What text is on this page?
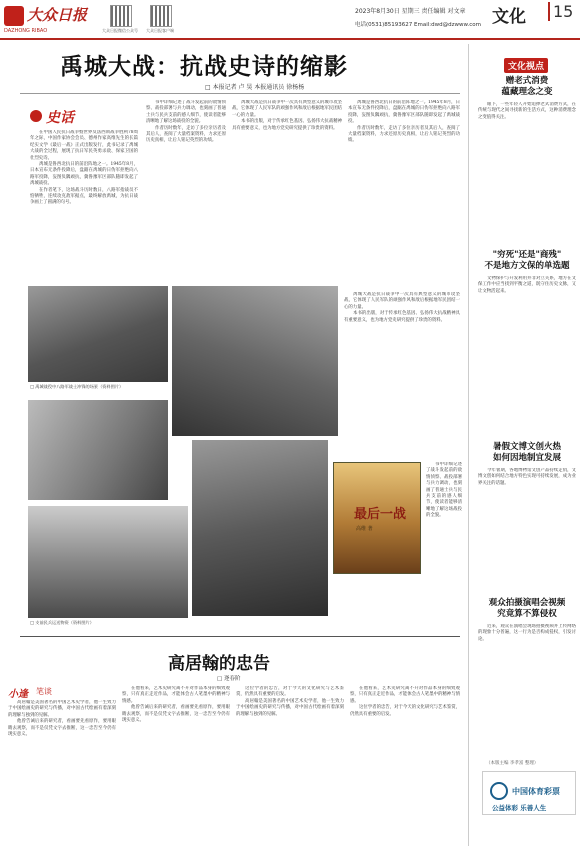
大众日报
DAZHONG RIBAO	大众日报微信公众号 大众日报客户端
2023年8月30日 星期三 责任编辑 对文章
电话(0531)85193627 Email:dwd@dzwww.com 文化	15
禹城大战：抗战史诗的缩影
□ 本报记者 卢 昊 本报通讯员 徐杨杨
史话

在中国人民抗日战争暨世界反法西斯战争胜利78周年之际，中国作家协会会员、德州作家高维先生的长篇纪实文学《最后一战》正式出版发行，此书记录了禹城大战的全过程，展现了抗日军民英勇杀敌、保家卫国的壮烈史诗。

禹城是鲁西北抗日的前沿阵地之一。1945年8月，日本宣布无条件投降后，盘踞在禹城的日伪军拒绝向八路军投降，妄图负隅顽抗，冀鲁豫军区部队随即发起了禹城战役。

在作者笔下，这场战斗历时数日，八路军指战员不怕牺牲，连续攻克敌军据点，最终解放禹城，为抗日战争画上了圆满的句号。

书中详细记述了战斗发起前的敌情侦察、战役部署与兵力调动，也刻画了普通士兵与民兵支前的感人细节，使读者能够清晰地了解这场战役的全貌。

作者历时数年，走访了多位亲历者及其后人，查阅了大量档案资料，力求还原历史真相，让后人铭记英烈的功绩。

禹城大战是抗日战争中一次具有典型意义的城市攻坚战，它体现了人民军队的顽强作风和敌后根据地军民团结一心的力量。

本书的出版，对于传承红色基因、弘扬伟大抗战精神具有重要意义，也为地方党史研究提供了珍贵的资料。

禹城是鲁西北抗日的前沿阵地之一。1945年8月，日本宣布无条件投降后，盘踞在禹城的日伪军拒绝向八路军投降，妄图负隅顽抗，冀鲁豫军区部队随即发起了禹城战役。

作者历时数年，走访了多位亲历者及其后人，查阅了大量档案资料，力求还原历史真相，让后人铭记英烈的功绩。

□ 禹城战役中八路军战士冲锋的场景（资料图片）
□ 支前民兵运送物资（资料图片）

禹城大战是抗日战争中一次具有典型意义的城市攻坚战，它体现了人民军队的顽强作风和敌后根据地军民团结一心的力量。

本书的出版，对于传承红色基因、弘扬伟大抗战精神具有重要意义，也为地方党史研究提供了珍贵的资料。

最后一战
高维 著

书中详细记述了战斗发起前的敌情侦察、战役部署与兵力调动，也刻画了普通士兵与民兵支前的感人细节，使读者能够清晰地了解这场战役的全貌。

高居翰的忠告
□ 逄春阶
小逢 笔谈

高居翰是美国著名的中国艺术史学者，他一生致力于中国绘画史的研究与传播，对中国古代绘画有着深刻的理解与独到的见解。

他曾告诫后来的研究者，看画要先看原作，要用眼睛去观察，而不是仅凭文字去推断，这一忠告至今仍有现实意义。

在他看来，艺术史研究离不开对作品本身的细致观察，只有真正走近作品，才能体会古人笔墨中的精神与情感。

他曾告诫后来的研究者，看画要先看原作，要用眼睛去观察，而不是仅凭文字去推断，这一忠告至今仍有现实意义。

这位学者的忠告，对于今天的文化研究与艺术鉴赏，仍然具有重要的启发。

高居翰是美国著名的中国艺术史学者，他一生致力于中国绘画史的研究与传播，对中国古代绘画有着深刻的理解与独到的见解。

在他看来，艺术史研究离不开对作品本身的细致观察，只有真正走近作品，才能体会古人笔墨中的精神与情感。

这位学者的忠告，对于今天的文化研究与艺术鉴赏，仍然具有重要的启发。

文化视点
赠老式消费
蕴藏理念之变

眼下，一些年轻人开始追捧老式消费方式，在传统与现代之间寻找新的生活方式，这种消费理念之变值得关注。

"穷死"还是"商残"
不是地方文保的单选题

文物保护与开发利用并非对立关系，地方在文保工作中应当找到平衡之道，既守住历史文脉，又让文物活起来。

暑假文博文创火热
如何因地制宜发展

今年暑期，各地博物馆文创产品持续走俏，文博文创如何结合地方特色实现可持续发展，成为业界关注的话题。

观众拍摄演唱会视频
究竟算不算侵权

近来，观众在演唱会现场拍摄视频并上传网络的现象十分普遍，这一行为是否构成侵权，引发讨论。

（本版主编 李孝富 整理）
中国体育彩票
公益体彩 乐善人生
